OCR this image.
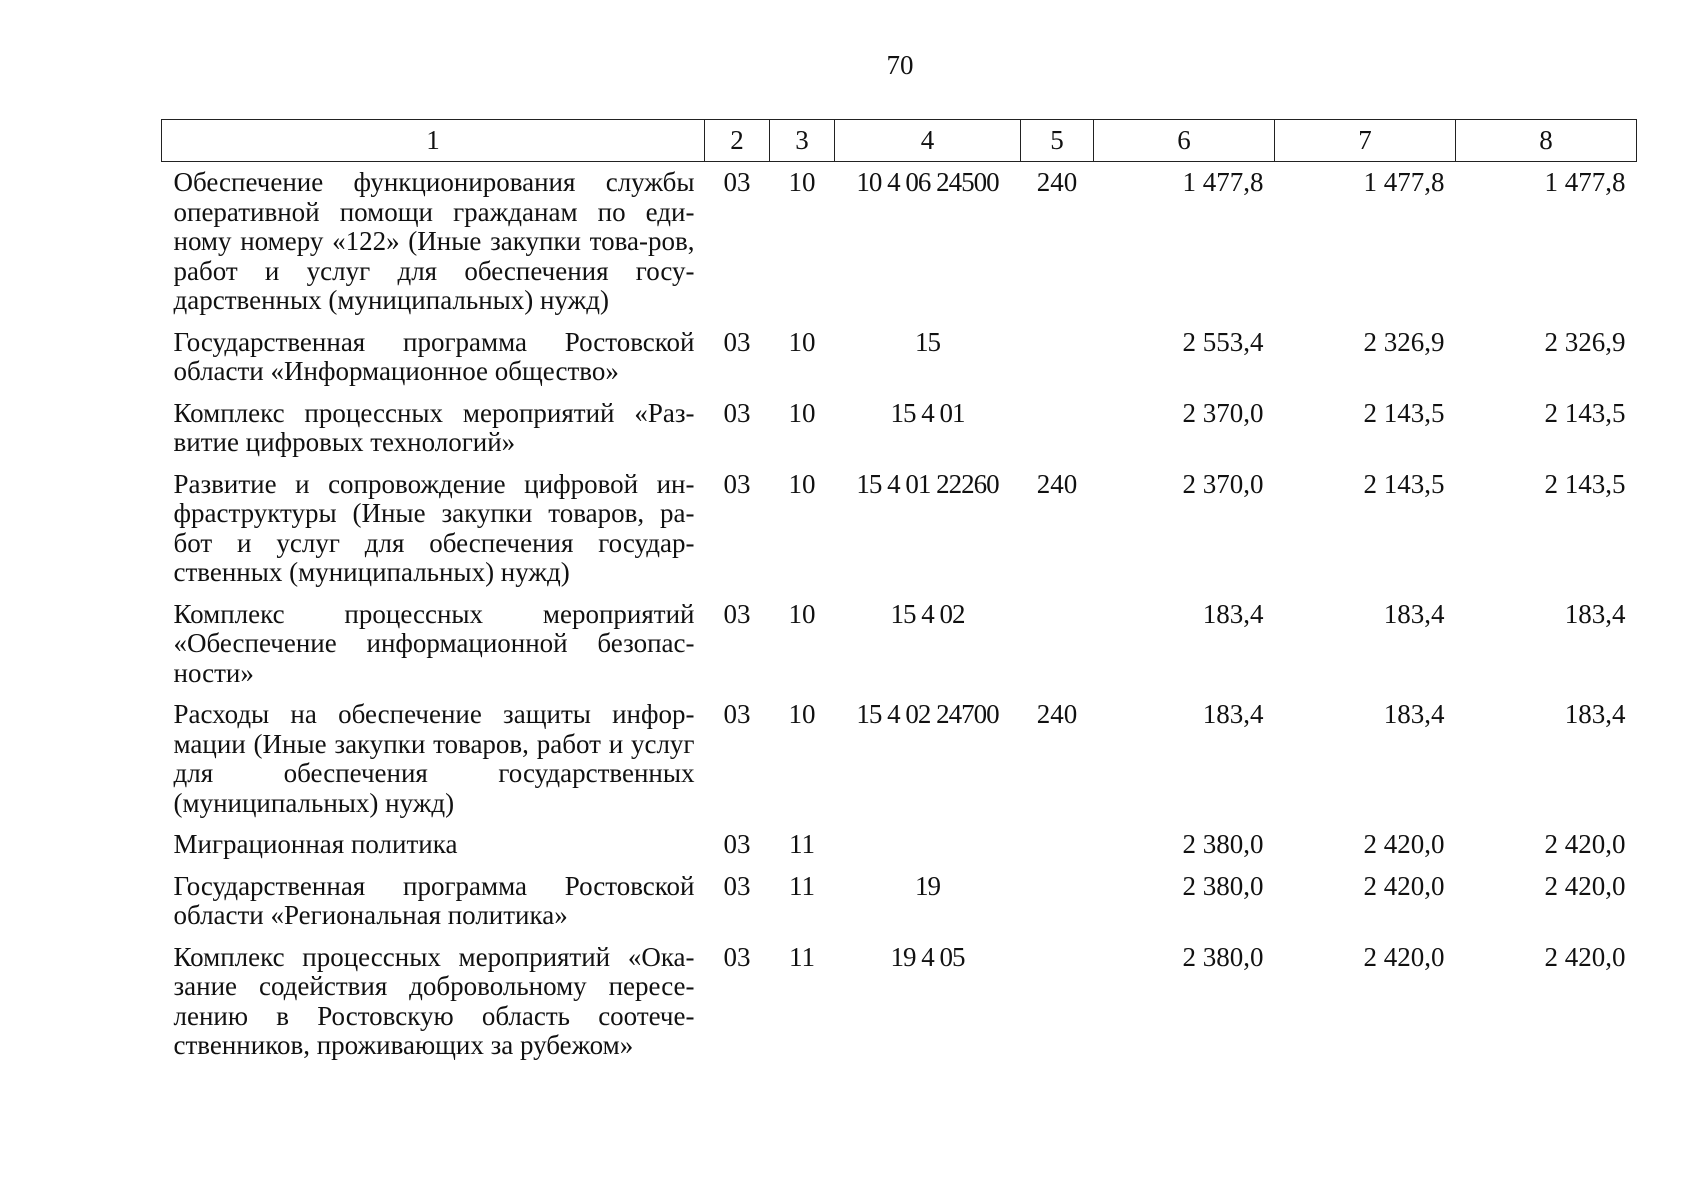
70
1	2	3	4	5	6	7	8
Обеспечение функционирования службы оперативной помощи гражданам по еди-ному номеру «122» (Иные закупки това-ров, работ и услуг для обеспечения госу-дарственных (муниципальных) нужд)	03	10	10 4 06 24500	240	1 477,8	1 477,8	1 477,8
Государственная программа Ростовской области «Информационное общество»	03	10	15		2 553,4	2 326,9	2 326,9
Комплекс процессных мероприятий «Раз-витие цифровых технологий»	03	10	15 4 01		2 370,0	2 143,5	2 143,5
Развитие и сопровождение цифровой ин-фраструктуры (Иные закупки товаров, ра-бот и услуг для обеспечения государ-ственных (муниципальных) нужд)	03	10	15 4 01 22260	240	2 370,0	2 143,5	2 143,5
Комплекс процессных мероприятий «Обеспечение информационной безопас-ности»	03	10	15 4 02		183,4	183,4	183,4
Расходы на обеспечение защиты инфор-мации (Иные закупки товаров, работ и услуг для обеспечения государственных (муниципальных) нужд)	03	10	15 4 02 24700	240	183,4	183,4	183,4
Миграционная политика	03	11			2 380,0	2 420,0	2 420,0
Государственная программа Ростовской области «Региональная политика»	03	11	19		2 380,0	2 420,0	2 420,0
Комплекс процессных мероприятий «Ока-зание содействия добровольному пересе-лению в Ростовскую область соотече-ственников, проживающих за рубежом»	03	11	19 4 05		2 380,0	2 420,0	2 420,0
